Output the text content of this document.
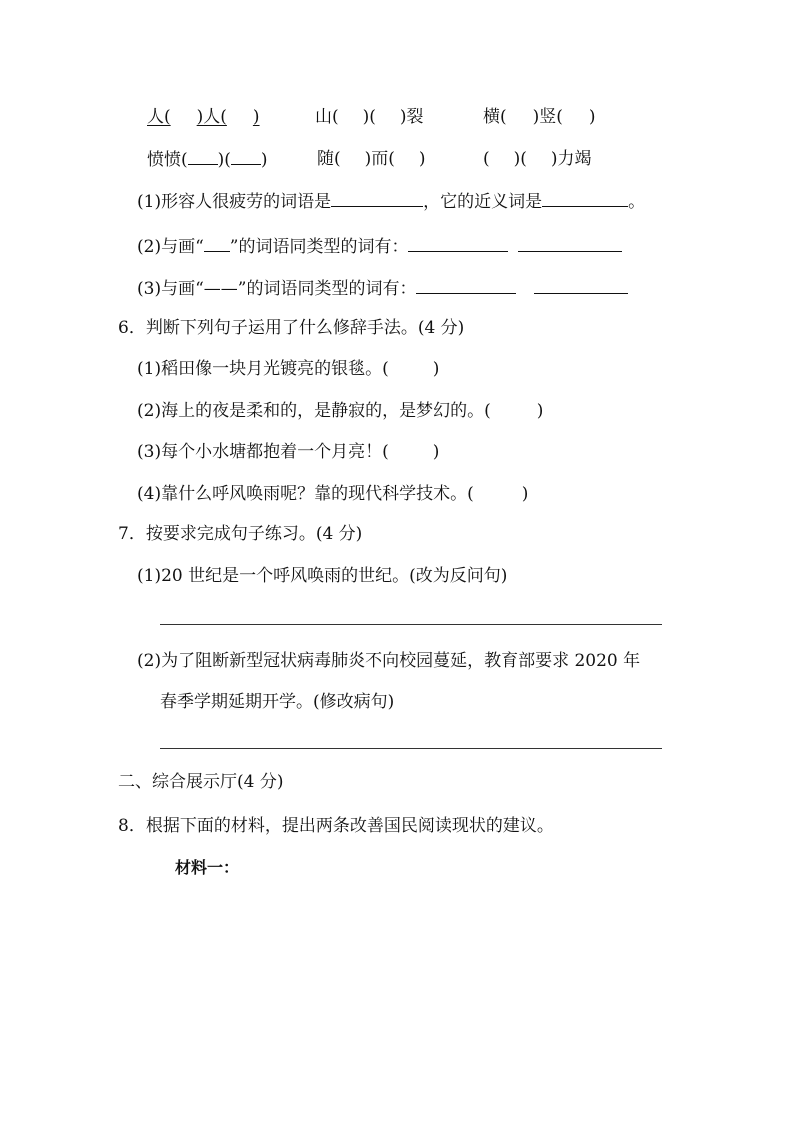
人( )人( )	山( )( )裂	横( )竖( )
愤愤( )( )	随( )而( )	( )( )力竭
(1)形容人很疲劳的词语是	，它的近义词是	。
(2)与画“ ”的词语同类型的词有：
(3)与画“——”的词语同类型的词有：
6．判断下列句子运用了什么修辞手法。(4 分)
(1)稻田像一块月光镀亮的银毯。(	)
(2)海上的夜是柔和的，是静寂的，是梦幻的。(	)
(3)每个小水塘都抱着一个月亮！(	)
(4)靠什么呼风唤雨呢？靠的现代科学技术。(	)
7．按要求完成句子练习。(4 分)
(1)20 世纪是一个呼风唤雨的世纪。(改为反问句)
(2)为了阻断新型冠状病毒肺炎不向校园蔓延，教育部要求 2020 年
春季学期延期开学。(修改病句)
二、综合展示厅(4 分)
8．根据下面的材料，提出两条改善国民阅读现状的建议。
材料一：
